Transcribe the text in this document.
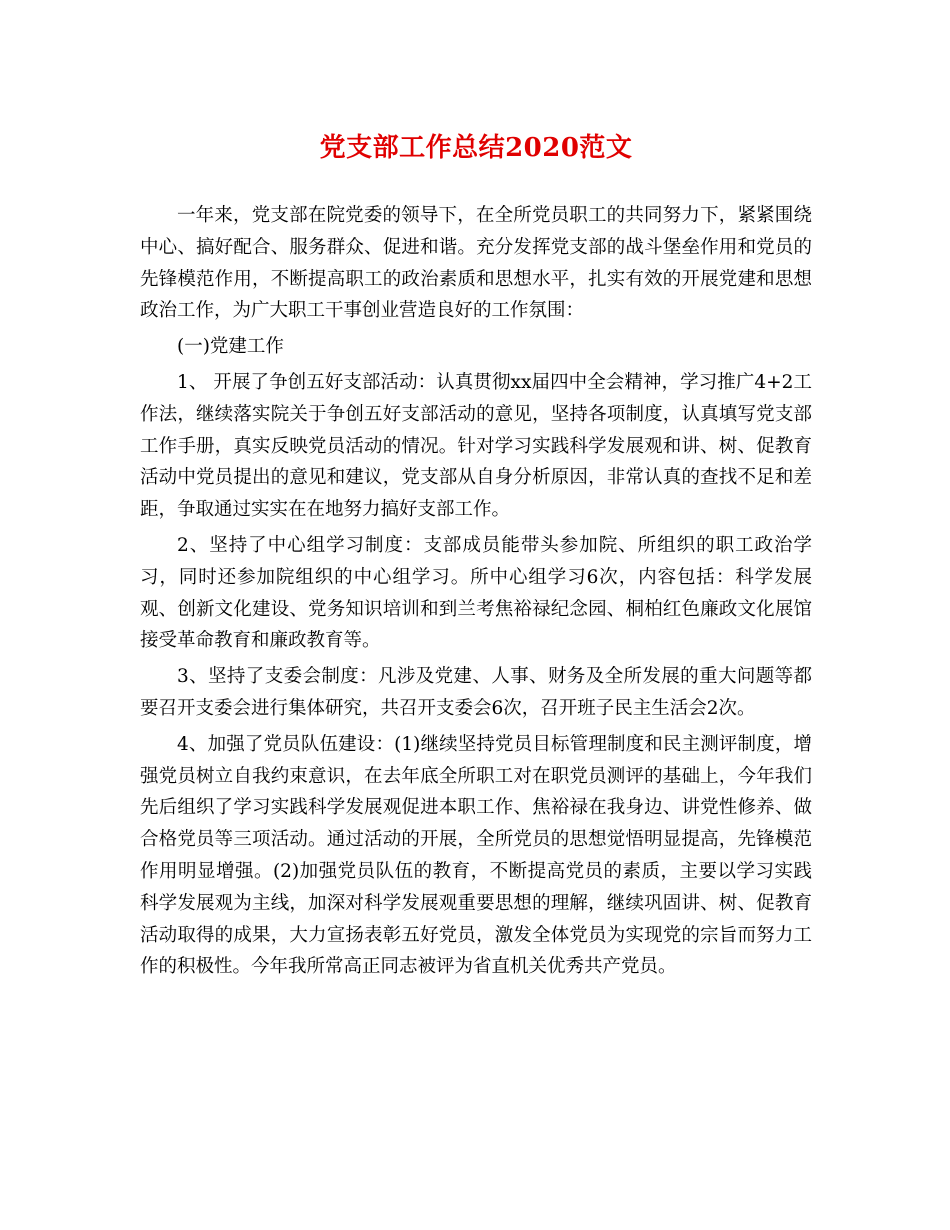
党支部工作总结2020范文

一年来，党支部在院党委的领导下，在全所党员职工的共同努力下，紧紧围绕中心、搞好配合、服务群众、促进和谐。充分发挥党支部的战斗堡垒作用和党员的先锋模范作用，不断提高职工的政治素质和思想水平，扎实有效的开展党建和思想政治工作，为广大职工干事创业营造良好的工作氛围：

(一)党建工作

1、 开展了争创五好支部活动：认真贯彻xx届四中全会精神，学习推广4+2工作法，继续落实院关于争创五好支部活动的意见，坚持各项制度，认真填写党支部工作手册，真实反映党员活动的情况。针对学习实践科学发展观和讲、树、促教育活动中党员提出的意见和建议，党支部从自身分析原因，非常认真的查找不足和差距，争取通过实实在在地努力搞好支部工作。

2、坚持了中心组学习制度：支部成员能带头参加院、所组织的职工政治学习，同时还参加院组织的中心组学习。所中心组学习6次，内容包括：科学发展观、创新文化建设、党务知识培训和到兰考焦裕禄纪念园、桐柏红色廉政文化展馆接受革命教育和廉政教育等。

3、坚持了支委会制度：凡涉及党建、人事、财务及全所发展的重大问题等都要召开支委会进行集体研究，共召开支委会6次，召开班子民主生活会2次。

4、加强了党员队伍建设：(1)继续坚持党员目标管理制度和民主测评制度，增强党员树立自我约束意识，在去年底全所职工对在职党员测评的基础上，今年我们先后组织了学习实践科学发展观促进本职工作、焦裕禄在我身边、讲党性修养、做合格党员等三项活动。通过活动的开展，全所党员的思想觉悟明显提高，先锋模范作用明显增强。(2)加强党员队伍的教育，不断提高党员的素质，主要以学习实践科学发展观为主线，加深对科学发展观重要思想的理解，继续巩固讲、树、促教育活动取得的成果，大力宣扬表彰五好党员，激发全体党员为实现党的宗旨而努力工作的积极性。今年我所常高正同志被评为省直机关优秀共产党员。
